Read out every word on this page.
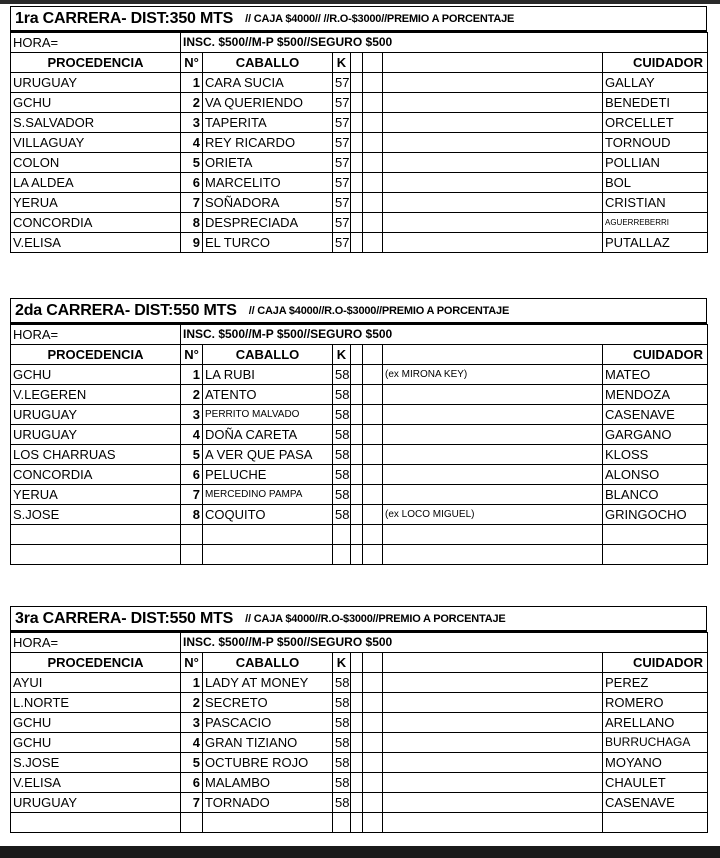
1ra CARRERA- DIST:350 MTS // CAJA $4000// //R.O-$3000//PREMIO A PORCENTAJE
HORA=	INSC. $500//M-P $500//SEGURO $500						
PROCEDENCIA	N°	CABALLO	K				CUIDADOR
URUGUAY	1	CARA SUCIA	57				GALLAY
GCHU	2	VA QUERIENDO	57				BENEDETI
S.SALVADOR	3	TAPERITA	57				ORCELLET
VILLAGUAY	4	REY RICARDO	57				TORNOUD
COLON	5	ORIETA	57				POLLIAN
LA ALDEA	6	MARCELITO	57				BOL
YERUA	7	SOÑADORA	57				CRISTIAN
CONCORDIA	8	DESPRECIADA	57				AGUERREBERRI
V.ELISA	9	EL TURCO	57				PUTALLAZ
2da CARRERA- DIST:550 MTS // CAJA $4000//R.O-$3000//PREMIO A PORCENTAJE
HORA=	INSC. $500//M-P $500//SEGURO $500						
PROCEDENCIA	N°	CABALLO	K				CUIDADOR
GCHU	1	LA RUBI	58			(ex MIRONA KEY)	MATEO
V.LEGEREN	2	ATENTO	58				MENDOZA
URUGUAY	3	PERRITO MALVADO	58				CASENAVE
URUGUAY	4	DOÑA CARETA	58				GARGANO
LOS CHARRUAS	5	A VER QUE PASA	58				KLOSS
CONCORDIA	6	PELUCHE	58				ALONSO
YERUA	7	MERCEDINO PAMPA	58				BLANCO
S.JOSE	8	COQUITO	58			(ex LOCO MIGUEL)	GRINGOCHO

3ra CARRERA- DIST:550 MTS // CAJA $4000//R.O-$3000//PREMIO A PORCENTAJE
HORA=	INSC. $500//M-P $500//SEGURO $500						
PROCEDENCIA	N°	CABALLO	K				CUIDADOR
AYUI	1	LADY AT MONEY	58				PEREZ
L.NORTE	2	SECRETO	58				ROMERO
GCHU	3	PASCACIO	58				ARELLANO
GCHU	4	GRAN TIZIANO	58				BURRUCHAGA
S.JOSE	5	OCTUBRE ROJO	58				MOYANO
V.ELISA	6	MALAMBO	58				CHAULET
URUGUAY	7	TORNADO	58				CASENAVE
